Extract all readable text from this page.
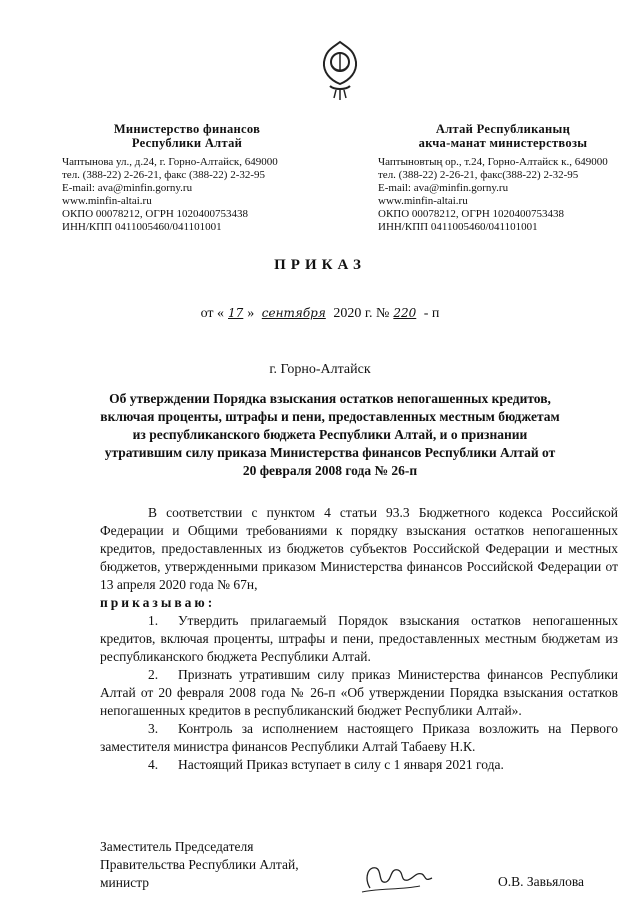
Министерство финансов
Республики Алтай
Чаптынова ул., д.24, г. Горно-Алтайск, 649000
тел. (388-22) 2-26-21, факс (388-22) 2-32-95
E-mail: ava@minfin.gorny.ru
www.minfin-altai.ru
ОКПО 00078212, ОГРН 1020400753438
ИНН/КПП 0411005460/041101001
Алтай Республиканың
акча-манат министерствозы
Чаптыновтың ор., т.24, Горно-Алтайск к., 649000
тел. (388-22) 2-26-21, факс(388-22) 2-32-95
E-mail: ava@minfin.gorny.ru
www.minfin-altai.ru
ОКПО 00078212, ОГРН 1020400753438
ИНН/КПП 0411005460/041101001
ПРИКАЗ
от « 17 » сентября 2020 г. № 220 - п
г. Горно-Алтайск
Об утверждении Порядка взыскания остатков непогашенных кредитов, включая проценты, штрафы и пени, предоставленных местным бюджетам из республиканского бюджета Республики Алтай, и о признании утратившим силу приказа Министерства финансов Республики Алтай от 20 февраля 2008 года № 26-п

В соответствии с пунктом 4 статьи 93.3 Бюджетного кодекса Российской Федерации и Общими требованиями к порядку взыскания остатков непогашенных кредитов, предоставленных из бюджетов субъектов Российской Федерации и местных бюджетов, утвержденными приказом Министерства финансов Российской Федерации от 13 апреля 2020 года № 67н,

приказываю:

1. Утвердить прилагаемый Порядок взыскания остатков непогашенных кредитов, включая проценты, штрафы и пени, предоставленных местным бюджетам из республиканского бюджета Республики Алтай.

2. Признать утратившим силу приказ Министерства финансов Республики Алтай от 20 февраля 2008 года № 26-п «Об утверждении Порядка взыскания остатков непогашенных кредитов в республиканский бюджет Республики Алтай».

3. Контроль за исполнением настоящего Приказа возложить на Первого заместителя министра финансов Республики Алтай Табаеву Н.К.

4. Настоящий Приказ вступает в силу с 1 января 2021 года.

Заместитель Председателя
Правительства Республики Алтай,
министр	О.В. Завьялова
